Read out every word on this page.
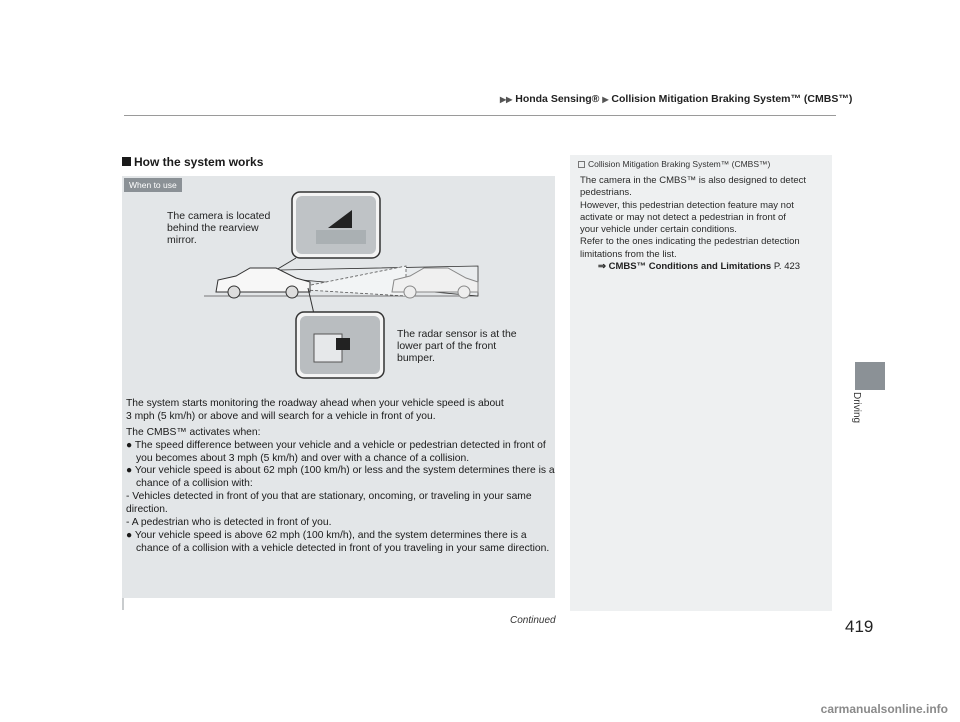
▶▶ Honda Sensing® ▶ Collision Mitigation Braking System™ (CMBS™)
How the system works
When to use
The camera is located
behind the rearview
mirror.
The radar sensor is at the
lower part of the front
bumper.
The system starts monitoring the roadway ahead when your vehicle speed is about
3 mph (5 km/h) or above and will search for a vehicle in front of you.
The CMBS™ activates when:
● The speed difference between your vehicle and a vehicle or pedestrian detected in front of you becomes about 3 mph (5 km/h) and over with a chance of a collision.
● Your vehicle speed is about 62 mph (100 km/h) or less and the system determines there is a chance of a collision with:
- Vehicles detected in front of you that are stationary, oncoming, or traveling in your same direction.
- A pedestrian who is detected in front of you.
● Your vehicle speed is above 62 mph (100 km/h), and the system determines there is a chance of a collision with a vehicle detected in front of you traveling in your same direction.
Collision Mitigation Braking System™ (CMBS™)
The camera in the CMBS™ is also designed to detect
pedestrians.
However, this pedestrian detection feature may not
activate or may not detect a pedestrian in front of
your vehicle under certain conditions.
Refer to the ones indicating the pedestrian detection
limitations from the list.
⇒ CMBS™ Conditions and Limitations P. 423
Driving
Continued	419
carmanualsonline.info
